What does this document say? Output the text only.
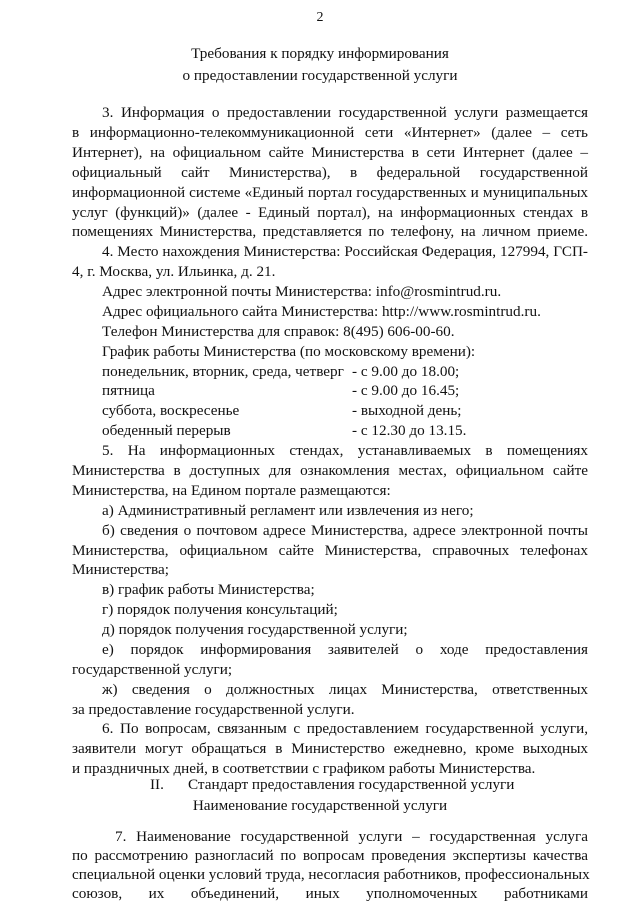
2
Требования к порядку информирования
о предоставлении государственной услуги
3. Информация о предоставлении государственной услуги размещается
в информационно-телекоммуникационной сети «Интернет» (далее – сеть
Интернет), на официальном сайте Министерства в сети Интернет (далее –
официальный сайт Министерства), в федеральной государственной
информационной системе «Единый портал государственных и муниципальных
услуг (функций)» (далее - Единый портал), на информационных стендах в
помещениях Министерства, представляется по телефону, на личном приеме.
4. Место нахождения Министерства: Российская Федерация, 127994, ГСП-
4, г. Москва, ул. Ильинка, д. 21.
Адрес электронной почты Министерства: info@rosmintrud.ru.
Адрес официального сайта Министерства: http://www.rosmintrud.ru.
Телефон Министерства для справок: 8(495) 606-00-60.
График работы Министерства (по московскому времени):
понедельник, вторник, среда, четверг - с 9.00 до 18.00;
пятница	- с 9.00 до 16.45;
суббота, воскресенье	- выходной день;
обеденный перерыв	- с 12.30 до 13.15.
5. На информационных стендах, устанавливаемых в помещениях
Министерства в доступных для ознакомления местах, официальном сайте
Министерства, на Едином портале размещаются:
а) Административный регламент или извлечения из него;
б) сведения о почтовом адресе Министерства, адресе электронной почты
Министерства, официальном сайте Министерства, справочных телефонах
Министерства;
в) график работы Министерства;
г) порядок получения консультаций;
д) порядок получения государственной услуги;
е) порядок информирования заявителей о ходе предоставления
государственной услуги;
ж) сведения о должностных лицах Министерства, ответственных
за предоставление государственной услуги.
6. По вопросам, связанным с предоставлением государственной услуги,
заявители могут обращаться в Министерство ежедневно, кроме выходных
и праздничных дней, в соответствии с графиком работы Министерства.
II. Стандарт предоставления государственной услуги
Наименование государственной услуги
7. Наименование государственной услуги – государственная услуга
по рассмотрению разногласий по вопросам проведения экспертизы качества
специальной оценки условий труда, несогласия работников, профессиональных
союзов, их объединений, иных уполномоченных работниками
